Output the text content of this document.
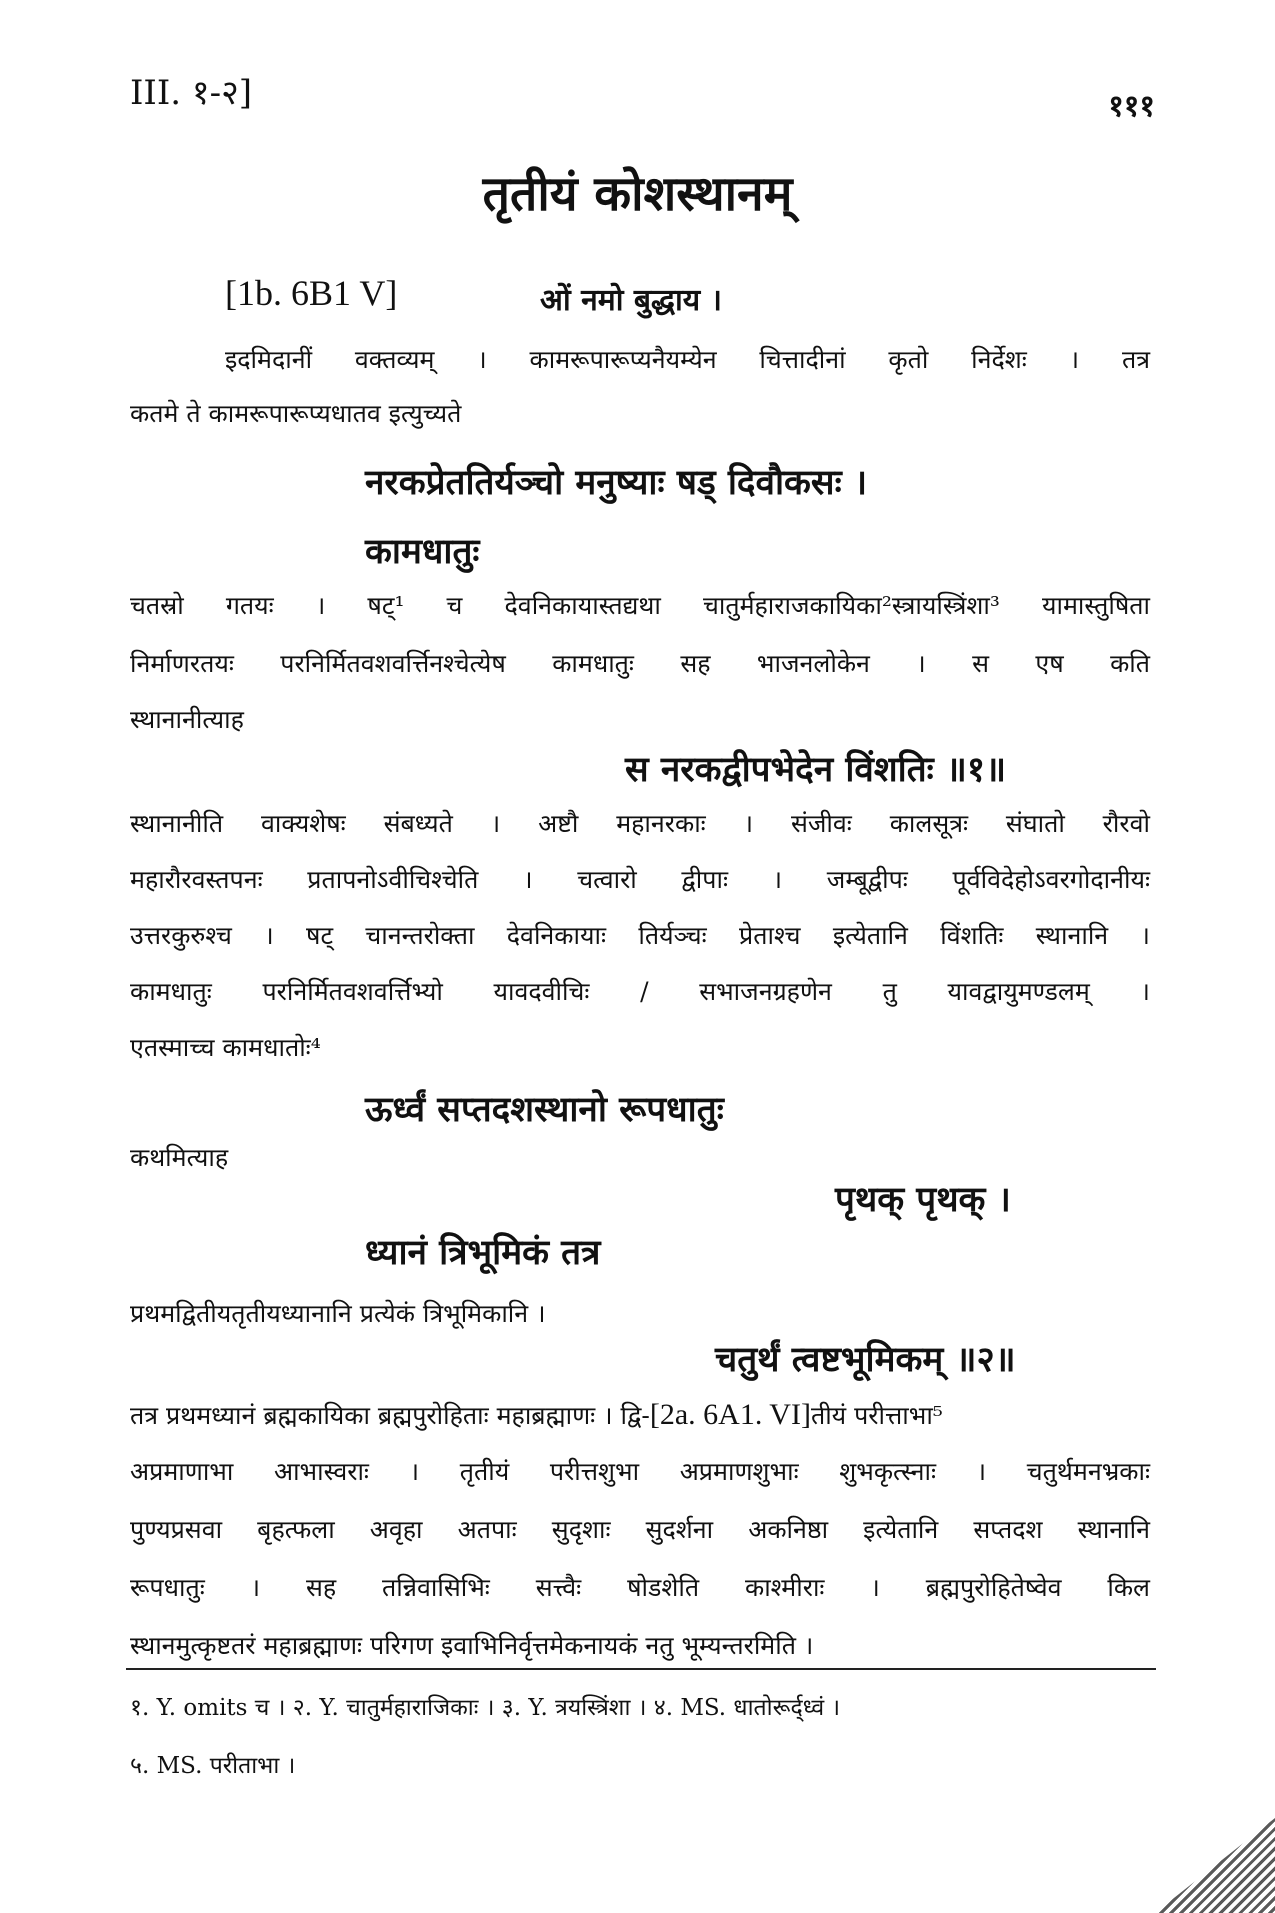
III. १-२]	१११
तृतीयं कोशस्थानम्
[1b. 6B1 V]	ओं नमो बुद्धाय ।
इदमिदानीं वक्तव्यम् । कामरूपारूप्यनैयम्येन चित्तादीनां कृतो निर्देशः । तत्र
कतमे ते कामरूपारूप्यधातव इत्युच्यते
नरकप्रेततिर्यञ्चो मनुष्याः षड् दिवौकसः ।
कामधातुः
चतस्रो गतयः । षट्¹ च देवनिकायास्तद्यथा चातुर्महाराजकायिका²स्त्रायस्त्रिंशा³ यामास्तुषिता
निर्माणरतयः परनिर्मितवशवर्त्तिनश्चेत्येष कामधातुः सह भाजनलोकेन । स एष कति
स्थानानीत्याह
स नरकद्वीपभेदेन विंशतिः ॥१॥
स्थानानीति वाक्यशेषः संबध्यते । अष्टौ महानरकाः । संजीवः कालसूत्रः संघातो रौरवो
महारौरवस्तपनः प्रतापनोऽवीचिश्चेति । चत्वारो द्वीपाः । जम्बूद्वीपः पूर्वविदेहोऽवरगोदानीयः
उत्तरकुरुश्च । षट् चानन्तरोक्ता देवनिकायाः तिर्यञ्चः प्रेताश्च इत्येतानि विंशतिः स्थानानि ।
कामधातुः परनिर्मितवशवर्त्तिभ्यो यावदवीचिः / सभाजनग्रहणेन तु यावद्वायुमण्डलम् ।
एतस्माच्च कामधातोः⁴
ऊर्ध्वं सप्तदशस्थानो रूपधातुः
कथमित्याह
पृथक् पृथक् ।
ध्यानं त्रिभूमिकं तत्र
प्रथमद्वितीयतृतीयध्यानानि प्रत्येकं त्रिभूमिकानि ।
चतुर्थं त्वष्टभूमिकम् ॥२॥
तत्र प्रथमध्यानं ब्रह्मकायिका ब्रह्मपुरोहिताः महाब्रह्माणः । द्वि-[2a. 6A1. VI]तीयं परीत्ताभा⁵
अप्रमाणाभा आभास्वराः । तृतीयं परीत्तशुभा अप्रमाणशुभाः शुभकृत्स्नाः । चतुर्थमनभ्रकाः
पुण्यप्रसवा बृहत्फला अवृहा अतपाः सुदृशाः सुदर्शना अकनिष्ठा इत्येतानि सप्तदश स्थानानि
रूपधातुः । सह तन्निवासिभिः सत्त्वैः षोडशेति काश्मीराः । ब्रह्मपुरोहितेष्वेव किल
स्थानमुत्कृष्टतरं महाब्रह्माणः परिगण इवाभिनिर्वृत्तमेकनायकं नतु भूम्यन्तरमिति ।
१. Y. omits च । २. Y. चातुर्महाराजिकाः । ३. Y. त्रयस्त्रिंशा । ४. MS. धातोरूर्द्ध्वं ।
५. MS. परीताभा ।
